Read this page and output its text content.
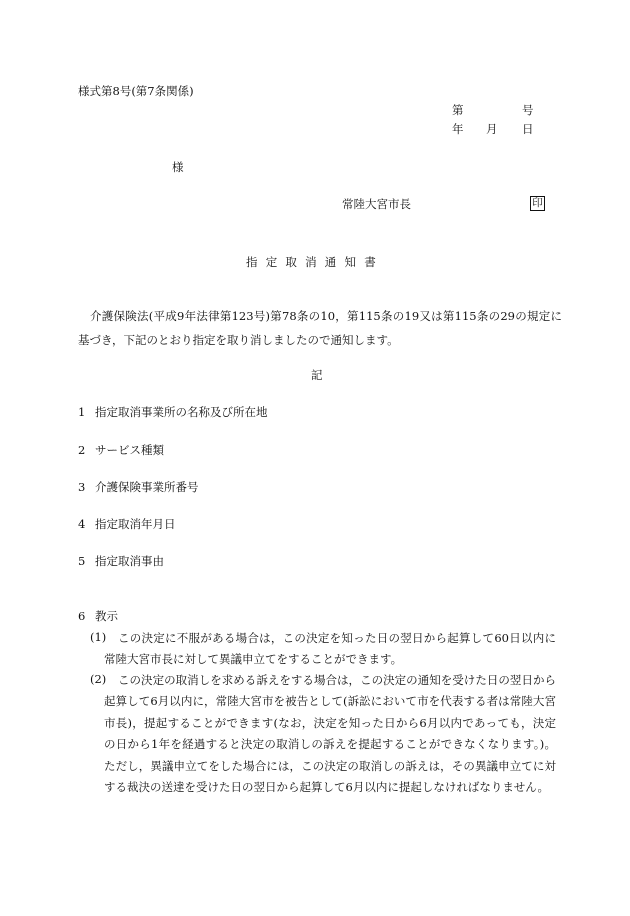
様式第8号(第7条関係)
第	号
年 月 日
様
常陸大宮市長	印
指定取消通知書
介護保険法(平成9年法律第123号)第78条の10，第115条の19又は第115条の29の規定に基づき，下記のとおり指定を取り消しましたので通知します。
記
1 指定取消事業所の名称及び所在地
2 サービス種類
3 介護保険事業所番号
4 指定取消年月日
5 指定取消事由
6 教示
(1)	この決定に不服がある場合は，この決定を知った日の翌日から起算して60日以内に常陸大宮市長に対して異議申立てをすることができます。
(2)	この決定の取消しを求める訴えをする場合は，この決定の通知を受けた日の翌日から起算して6月以内に，常陸大宮市を被告として(訴訟において市を代表する者は常陸大宮市長)，提起することができます(なお，決定を知った日から6月以内であっても，決定の日から1年を経過すると決定の取消しの訴えを提起することができなくなります。)。ただし，異議申立てをした場合には，この決定の取消しの訴えは，その異議申立てに対する裁決の送達を受けた日の翌日から起算して6月以内に提起しなければなりません。
